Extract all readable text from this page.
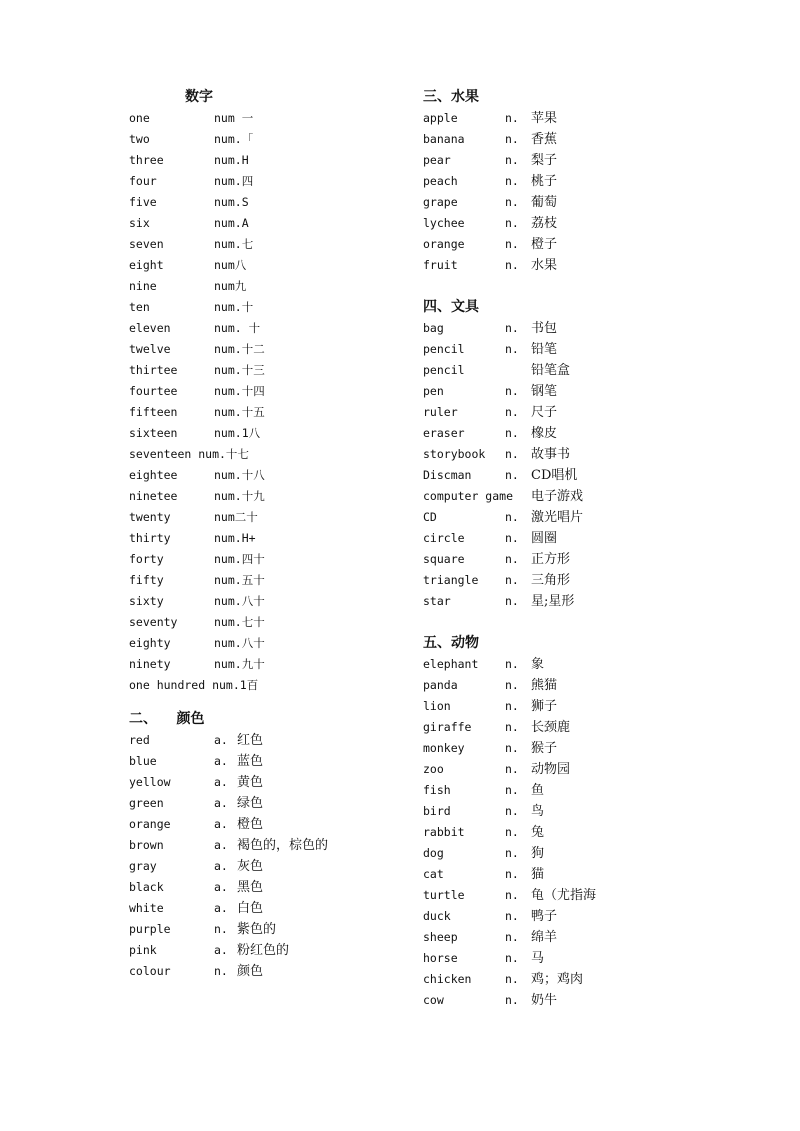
数字
one	num 一
two	num.「
three	num.H
four	num.四
five	num.S
six	num.A
seven	num.七
eight	num八
nine	num九
ten	num.十
eleven	num. 十
twelve	num.十二
thirtee	num.十三
fourtee	num.十四
fifteen	num.十五
sixteen	num.1八
seventeen num.十七
eightee	num.十八
ninetee	num.十九
twenty	num二十
thirty	num.H+
forty	num.四十
fifty	num.五十
sixty	num.八十
seventy	num.七十
eighty	num.八十
ninety	num.九十
one hundred num.1百
二、    颜色
red	a. 红色
blue	a. 蓝色
yellow	a. 黄色
green	a. 绿色
orange	a. 橙色
brown	a. 褐色的，棕色的
gray	a. 灰色
black	a. 黑色
white	a. 白色
purple	n. 紫色的
pink	a. 粉红色的
colour	n. 颜色
三、水果
apple	n. 苹果
banana	n. 香蕉
pear	n. 梨子
peach	n. 桃子
grape	n. 葡萄
lychee	n. 荔枝
orange	n. 橙子
fruit	n. 水果
四、文具
bag	n. 书包
pencil	n. 铅笔
pencil	铅笔盒
pen	n. 钢笔
ruler	n. 尺子
eraser	n. 橡皮
storybook n. 故事书
Discman	n. CD唱机
computer game 电子游戏
CD	n. 激光唱片
circle	n. 圆圈
square	n. 正方形
triangle n. 三角形
star	n. 星;星形
五、动物
elephant n. 象
panda	n. 熊猫
lion	n. 狮子
giraffe	n. 长颈鹿
monkey	n. 猴子
zoo	n. 动物园
fish	n. 鱼
bird	n. 鸟
rabbit	n. 兔
dog	n. 狗
cat	n. 猫
turtle	n. 龟（尤指海
duck	n. 鸭子
sheep	n. 绵羊
horse	n. 马
chicken	n. 鸡；鸡肉
cow	n. 奶牛
